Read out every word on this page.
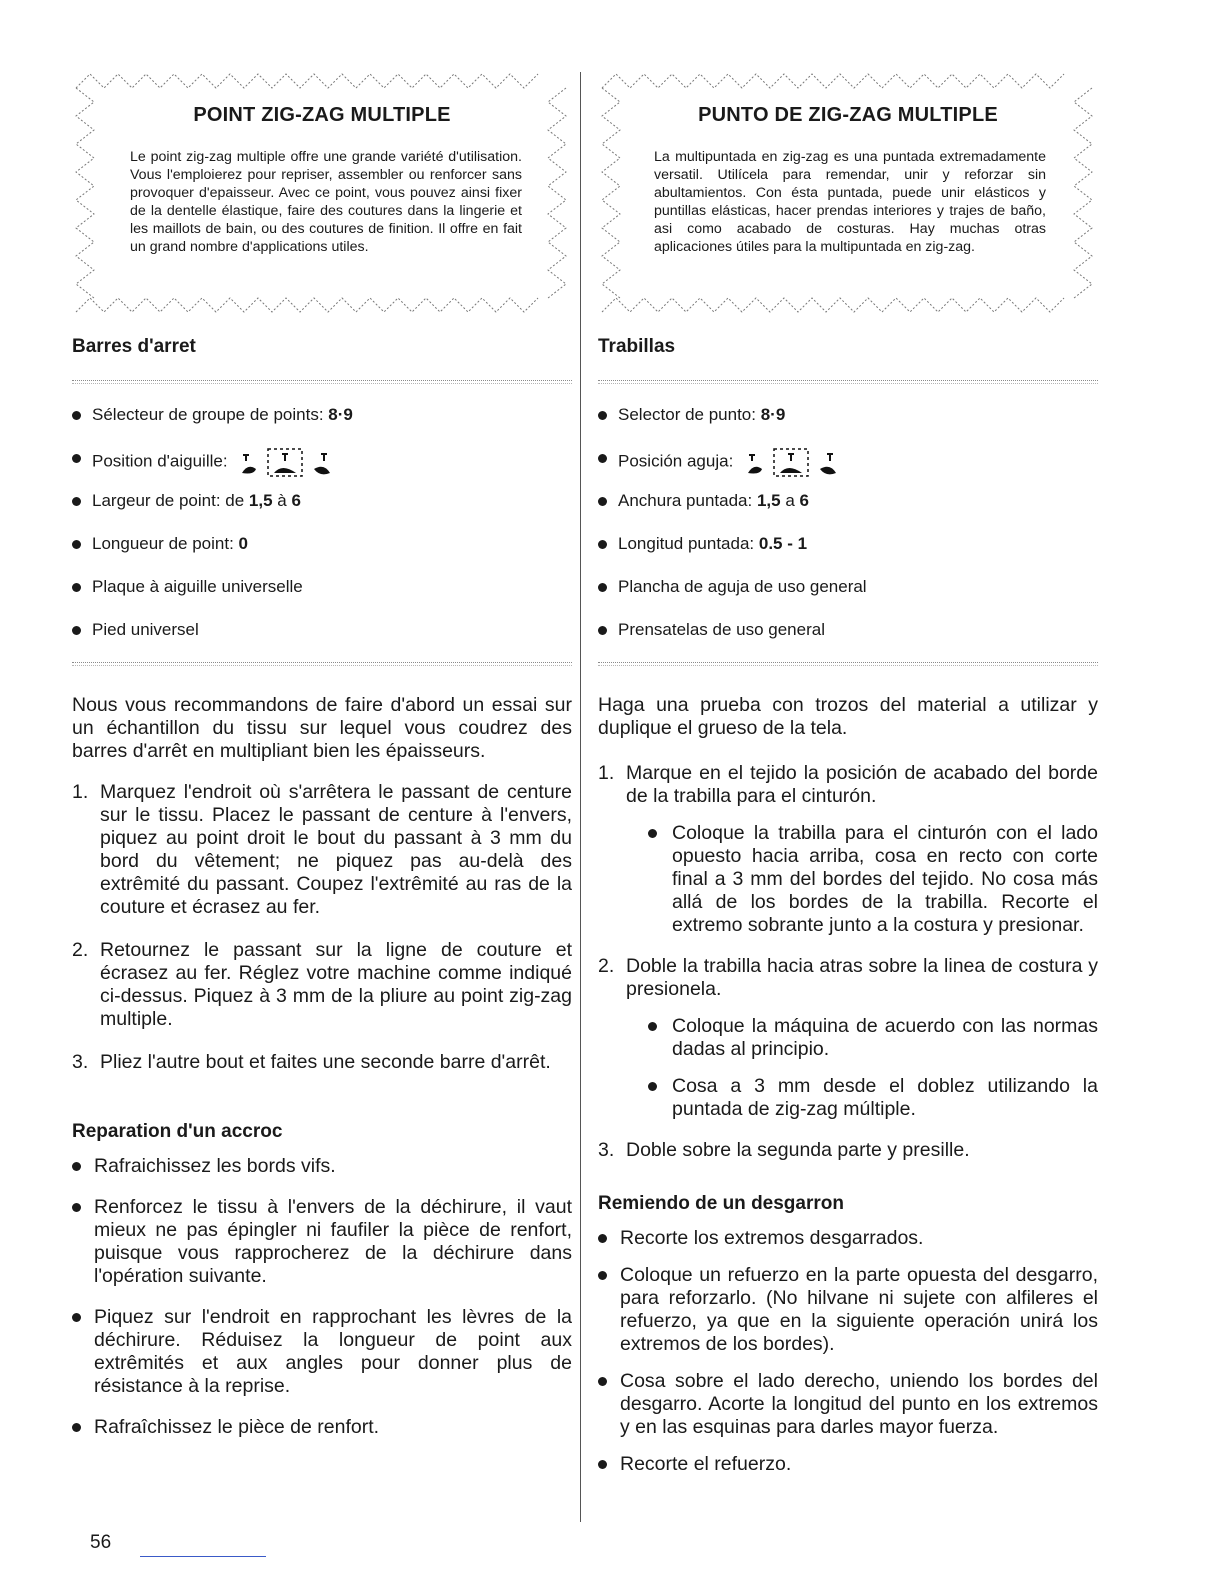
POINT ZIG-ZAG MULTIPLE
Le point zig-zag multiple offre une grande variété d'utilisation. Vous l'emploierez pour repriser, assembler ou renforcer sans provoquer d'epaisseur. Avec ce point, vous pouvez ainsi fixer de la dentelle élastique, faire des coutures dans la lingerie et les maillots de bain, ou des coutures de finition. Il offre en fait un grand nombre d'applications utiles.
Barres d'arret
Sélecteur de groupe de points: 8·9
Position d'aiguille:
Largeur de point: de 1,5 à 6
Longueur de point: 0
Plaque à aiguille universelle
Pied universel

Nous vous recommandons de faire d'abord un essai sur un échantillon du tissu sur lequel vous coudrez des barres d'arrêt en multipliant bien les épaisseurs.

1. Marquez l'endroit où s'arrêtera le passant de centure sur le tissu. Placez le passant de centure à l'envers, piquez au point droit le bout du passant à 3 mm du bord du vêtement; ne piquez pas au-delà des extrêmité du passant. Coupez l'extrêmité au ras de la couture et écrasez au fer.
2. Retournez le passant sur la ligne de couture et écrasez au fer. Réglez votre machine comme indiqué ci-dessus. Piquez à 3 mm de la pliure au point zig-zag multiple.
3. Pliez l'autre bout et faites une seconde barre d'arrêt.
Reparation d'un accroc
Rafraichissez les bords vifs.
Renforcez le tissu à l'envers de la déchirure, il vaut mieux ne pas épingler ni faufiler la pièce de renfort, puisque vous rapprocherez de la déchirure dans l'opération suivante.
Piquez sur l'endroit en rapprochant les lèvres de la déchirure. Réduisez la longueur de point aux extrêmités et aux angles pour donner plus de résistance à la reprise.
Rafraîchissez le pièce de renfort.
PUNTO DE ZIG-ZAG MULTIPLE
La multipuntada en zig-zag es una puntada extremadamente versatil. Utilícela para remendar, unir y reforzar sin abultamientos. Con ésta puntada, puede unir elásticos y puntillas elásticas, hacer prendas interiores y trajes de baño, asi como acabado de costuras. Hay muchas otras aplicaciones útiles para la multipuntada en zig-zag.
Trabillas
Selector de punto: 8·9
Posición aguja:
Anchura puntada: 1,5 a 6
Longitud puntada: 0.5 - 1
Plancha de aguja de uso general
Prensatelas de uso general

Haga una prueba con trozos del material a utilizar y duplique el grueso de la tela.

1. Marque en el tejido la posición de acabado del borde de la trabilla para el cinturón.
Coloque la trabilla para el cinturón con el lado opuesto hacia arriba, cosa en recto con corte final a 3 mm del bordes del tejido. No cosa más allá de los bordes de la trabilla. Recorte el extremo sobrante junto a la costura y presionar.
2. Doble la trabilla hacia atras sobre la linea de costura y presionela.
Coloque la máquina de acuerdo con las normas dadas al principio.
Cosa a 3 mm desde el doblez utilizando la puntada de zig-zag múltiple.
3. Doble sobre la segunda parte y presille.
Remiendo de un desgarron
Recorte los extremos desgarrados.
Coloque un refuerzo en la parte opuesta del desgarro, para reforzarlo. (No hilvane ni sujete con alfileres el refuerzo, ya que en la siguiente operación unirá los extremos de los bordes).
Cosa sobre el lado derecho, uniendo los bordes del desgarro. Acorte la longitud del punto en los extremos y en las esquinas para darles mayor fuerza.
Recorte el refuerzo.
56
